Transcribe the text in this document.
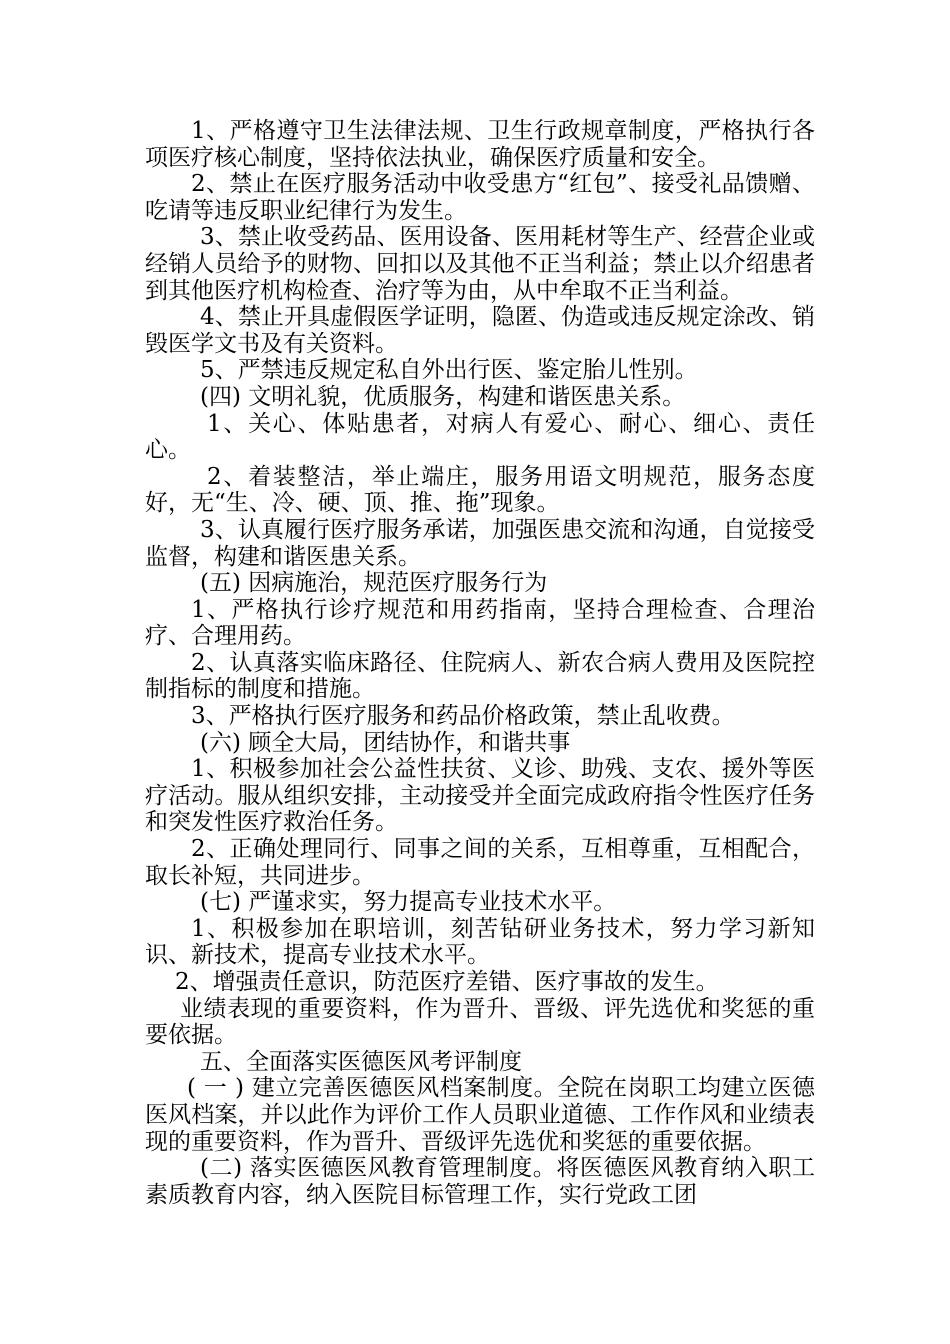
1、严格遵守卫生法律法规、卫生行政规章制度，严格执行各项医疗核心制度，坚持依法执业，确保医疗质量和安全。

2、禁止在医疗服务活动中收受患方“红包”、接受礼品馈赠、吃请等违反职业纪律行为发生。

3、禁止收受药品、医用设备、医用耗材等生产、经营企业或经销人员给予的财物、回扣以及其他不正当利益；禁止以介绍患者到其他医疗机构检查、治疗等为由，从中牟取不正当利益。

4、禁止开具虚假医学证明，隐匿、伪造或违反规定涂改、销毁医学文书及有关资料。

5、严禁违反规定私自外出行医、鉴定胎儿性别。

(四) 文明礼貌，优质服务，构建和谐医患关系。

1、关心、体贴患者，对病人有爱心、耐心、细心、责任心。

2、着装整洁，举止端庄，服务用语文明规范，服务态度好，无“生、冷、硬、顶、推、拖”现象。

3、认真履行医疗服务承诺，加强医患交流和沟通，自觉接受监督，构建和谐医患关系。

(五) 因病施治，规范医疗服务行为

1、严格执行诊疗规范和用药指南，坚持合理检查、合理治疗、合理用药。

2、认真落实临床路径、住院病人、新农合病人费用及医院控制指标的制度和措施。

3、严格执行医疗服务和药品价格政策，禁止乱收费。

(六) 顾全大局，团结协作，和谐共事

1、积极参加社会公益性扶贫、义诊、助残、支农、援外等医疗活动。服从组织安排，主动接受并全面完成政府指令性医疗任务和突发性医疗救治任务。

2、正确处理同行、同事之间的关系，互相尊重，互相配合，取长补短，共同进步。

(七) 严谨求实，努力提高专业技术水平。

1、积极参加在职培训，刻苦钻研业务技术，努力学习新知识、新技术，提高专业技术水平。

2、增强责任意识，防范医疗差错、医疗事故的发生。

业绩表现的重要资料，作为晋升、晋级、评先选优和奖惩的重要依据。

五、全面落实医德医风考评制度

( 一 ) 建立完善医德医风档案制度。全院在岗职工均建立医德医风档案，并以此作为评价工作人员职业道德、工作作风和业绩表现的重要资料，作为晋升、晋级评先选优和奖惩的重要依据。

(二) 落实医德医风教育管理制度。将医德医风教育纳入职工素质教育内容，纳入医院目标管理工作，实行党政工团
